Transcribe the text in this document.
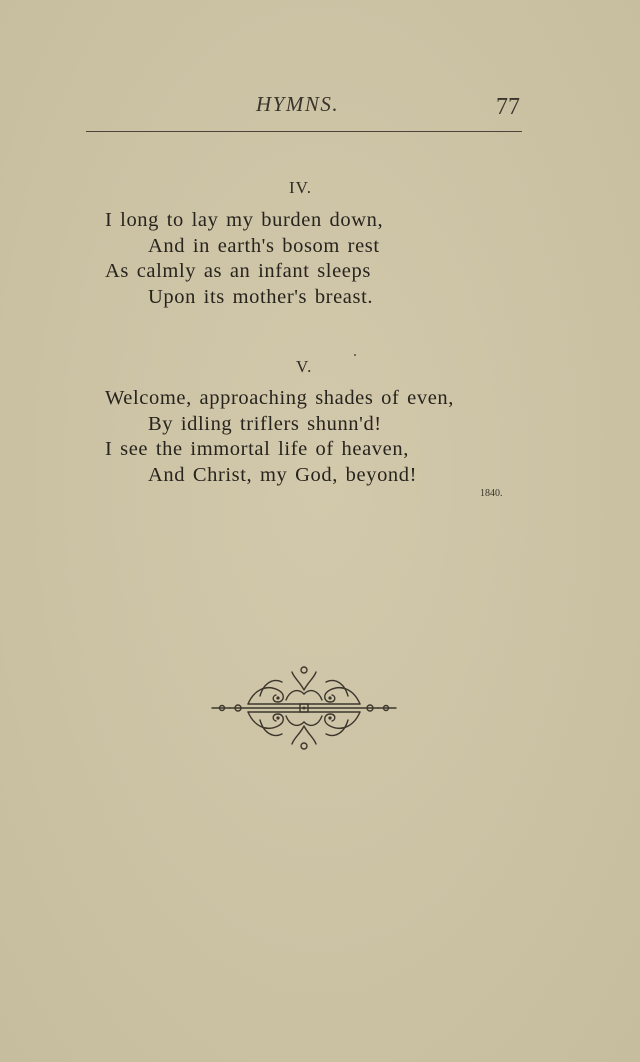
HYMNS.	77
IV.
I long to lay my burden down,
And in earth's bosom rest
As calmly as an infant sleeps
Upon its mother's breast.
V.
Welcome, approaching shades of even,
By idling triflers shunn'd!
I see the immortal life of heaven,
And Christ, my God, beyond!
1840.
